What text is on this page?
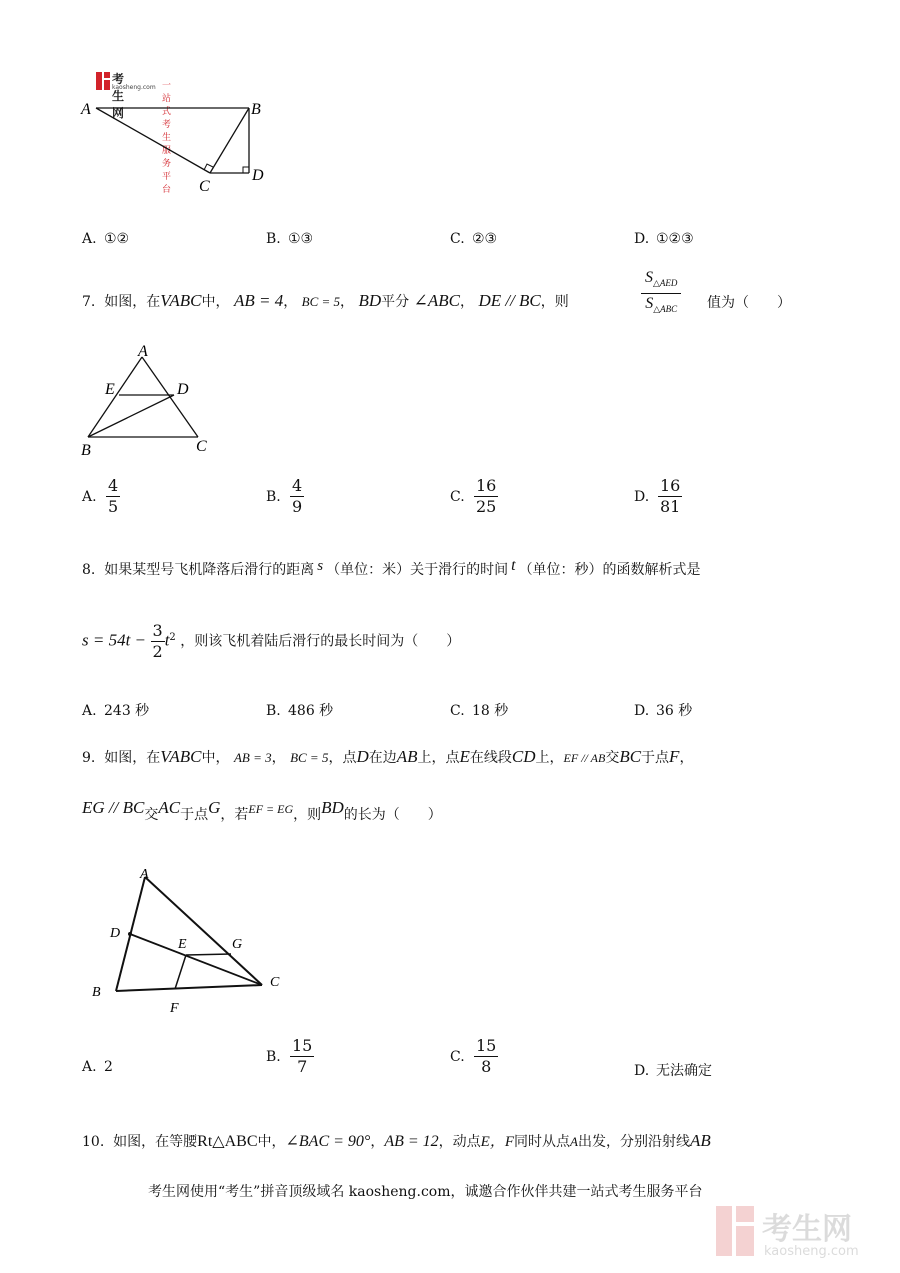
考生网
kaosheng.com 一站式考生服务平台
A	B
C
D
A. ①②	B. ①③	C. ②③	D. ①②③
7. 如图，在VABC中， AB = 4， BC = 5， BD平分 ∠ABC， DE // BC，则	$\frac{S_{\triangle AED}}{S_{\triangle ABC}}$ 值为（　　）
A
E	D
B	C
A. $\frac{4}{5}$	B. $\frac{4}{9}$	C. $\frac{16}{25}$	D. $\frac{16}{81}$
8. 如果某型号飞机降落后滑行的距离 s （单位：米）关于滑行的时间 t （单位：秒）的函数解析式是
$s = 54t - \frac{3}{2} t^2$ ，则该飞机着陆后滑行的最长时间为（　　）
A. 243 秒	B. 486 秒	C. 18 秒	D. 36 秒
9. 如图，在VABC中， AB = 3， BC = 5，点D在边AB上，点E在线段CD上，EF // AB交BC于点F，
EG // BC交AC于点G，若EF = EG，则BD的长为（　　）
A
D
E	G
B
F
C
A. 2
B. $\frac{15}{7}$	C. $\frac{15}{8}$	D. 无法确定
10. 如图，在等腰Rt△ABC中，∠BAC = 90°，AB = 12，动点E，F同时从点A出发，分别沿射线AB
考生网使用“考生”拼音顶级域名 kaosheng.com，诚邀合作伙伴共建一站式考生服务平台
考生网
kaosheng.com
